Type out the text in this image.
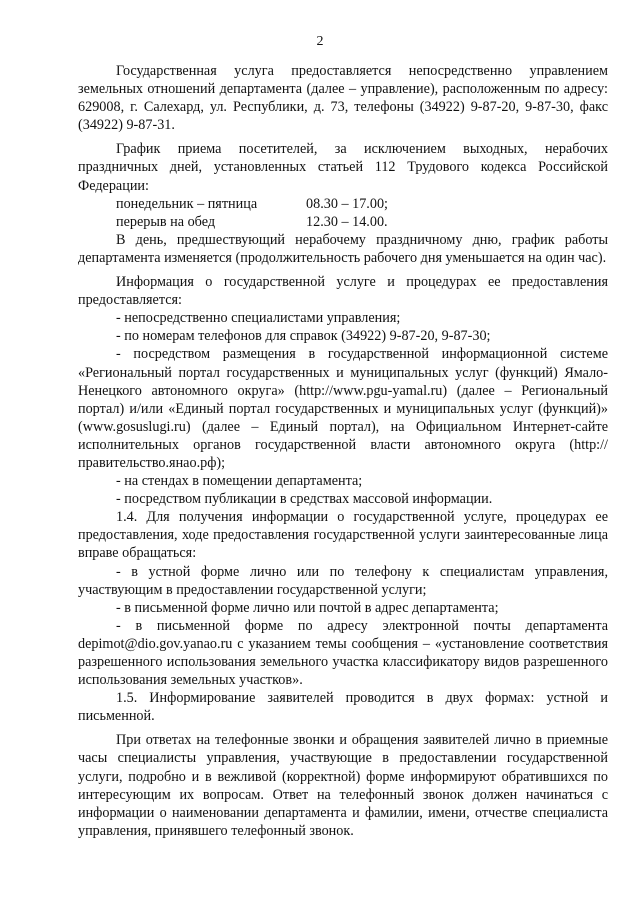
2

Государственная услуга предоставляется непосредственно управлением земельных отношений департамента (далее – управление), расположенным по адресу: 629008, г. Салехард, ул. Республики, д. 73, телефоны (34922) 9-87-20, 9-87-30, факс (34922) 9-87-31.

График приема посетителей, за исключением выходных, нерабочих праздничных дней, установленных статьей 112 Трудового кодекса Российской Федерации:

понедельник – пятница	08.30 – 17.00;
перерыв на обед	12.30 – 14.00.

В день, предшествующий нерабочему праздничному дню, график работы департамента изменяется (продолжительность рабочего дня уменьшается на один час).

Информация о государственной услуге и процедурах ее предоставления предоставляется:

- непосредственно специалистами управления;

- по номерам телефонов для справок (34922) 9-87-20, 9-87-30;

- посредством размещения в государственной информационной системе «Региональный портал государственных и муниципальных услуг (функций) Ямало-Ненецкого автономного округа» (http://www.pgu-yamal.ru) (далее – Региональный портал) и/или «Единый портал государственных и муниципальных услуг (функций)» (www.gosuslugi.ru) (далее – Единый портал), на Официальном Интернет-сайте исполнительных органов государственной власти автономного округа (http://правительство.янао.рф);

- на стендах в помещении департамента;

- посредством публикации в средствах массовой информации.

1.4. Для получения информации о государственной услуге, процедурах ее предоставления, ходе предоставления государственной услуги заинтересованные лица вправе обращаться:

- в устной форме лично или по телефону к специалистам управления, участвующим в предоставлении государственной услуги;

- в письменной форме лично или почтой в адрес департамента;

- в письменной форме по адресу электронной почты департамента depimot@dio.gov.yanao.ru с указанием темы сообщения – «установление соответствия разрешенного использования земельного участка классификатору видов разрешенного использования земельных участков».

1.5. Информирование заявителей проводится в двух формах: устной и письменной.

При ответах на телефонные звонки и обращения заявителей лично в приемные часы специалисты управления, участвующие в предоставлении государственной услуги, подробно и в вежливой (корректной) форме информируют обратившихся по интересующим их вопросам. Ответ на телефонный звонок должен начинаться с информации о наименовании департамента и фамилии, имени, отчестве специалиста управления, принявшего телефонный звонок.
